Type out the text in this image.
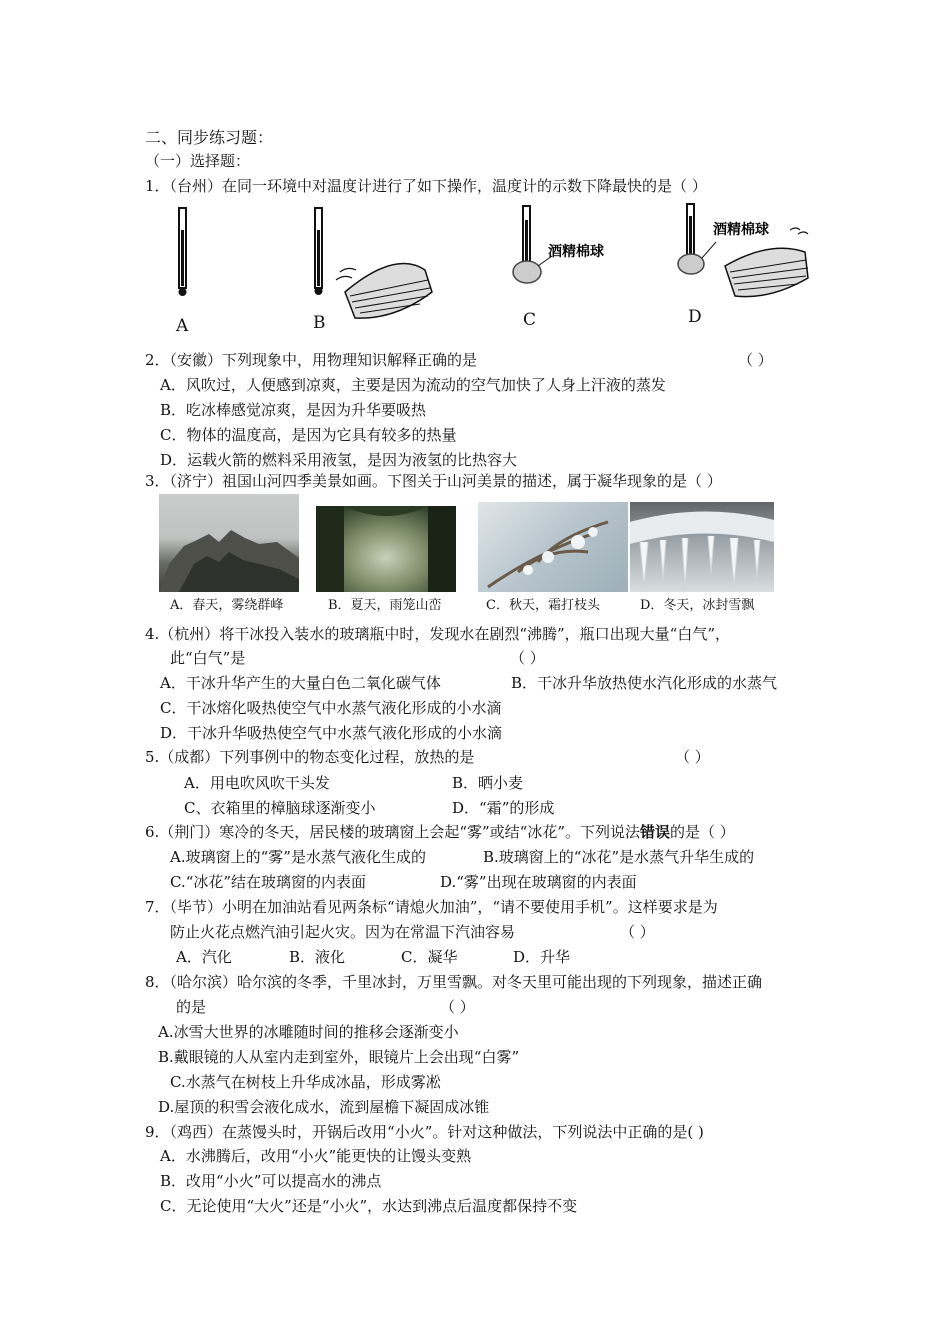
二、同步练习题：
（一）选择题：
1．（台州）在同一环境中对温度计进行了如下操作，温度计的示数下降最快的是（ ）
酒精棉球
酒精棉球
A	B	C	D
2．（安徽）下列现象中，用物理知识解释正确的是	（ ）
A．风吹过，人便感到凉爽，主要是因为流动的空气加快了人身上汗液的蒸发
B．吃冰棒感觉凉爽，是因为升华要吸热
C．物体的温度高，是因为它具有较多的热量
D．运载火箭的燃料采用液氢，是因为液氢的比热容大
3．（济宁）祖国山河四季美景如画。下图关于山河美景的描述，属于凝华现象的是（ ）
A．春天，雾绕群峰	B．夏天，雨笼山峦	C．秋天，霜打枝头	D．冬天，冰封雪飘
4.（杭州）将干冰投入装水的玻璃瓶中时，发现水在剧烈“沸腾”，瓶口出现大量“白气”，
此“白气”是	（ ）
A．干冰升华产生的大量白色二氧化碳气体	B．干冰升华放热使水汽化形成的水蒸气
C．干冰熔化吸热使空气中水蒸气液化形成的小水滴
D．干冰升华吸热使空气中水蒸气液化形成的小水滴
5.（成都）下列事例中的物态变化过程，放热的是	（ ）
A．用电吹风吹干头发	B．晒小麦
C、衣箱里的樟脑球逐渐变小	D．“霜”的形成
6.（荆门）寒冷的冬天，居民楼的玻璃窗上会起“雾”或结“冰花”。下列说法错误的是（ ）
A.玻璃窗上的“雾”是水蒸气液化生成的	B.玻璃窗上的“冰花”是水蒸气升华生成的
C.“冰花”结在玻璃窗的内表面	D.“雾”出现在玻璃窗的内表面
7．（毕节）小明在加油站看见两条标“请熄火加油”，“请不要使用手机”。这样要求是为
防止火花点燃汽油引起火灾。因为在常温下汽油容易	（ ）
A．汽化	B．液化	C．凝华	D．升华
8．（哈尔滨）哈尔滨的冬季，千里冰封，万里雪飘。对冬天里可能出现的下列现象，描述正确
的是	（ ）
A.冰雪大世界的冰雕随时间的推移会逐渐变小
B.戴眼镜的人从室内走到室外，眼镜片上会出现“白雾”
C.水蒸气在树枝上升华成冰晶，形成雾凇
D.屋顶的积雪会液化成水，流到屋檐下凝固成冰锥
9．（鸡西）在蒸馒头时，开锅后改用“小火”。针对这种做法，下列说法中正确的是( )
A．水沸腾后，改用“小火”能更快的让馒头变熟
B．改用“小火”可以提高水的沸点
C．无论使用“大火”还是“小火”，水达到沸点后温度都保持不变
